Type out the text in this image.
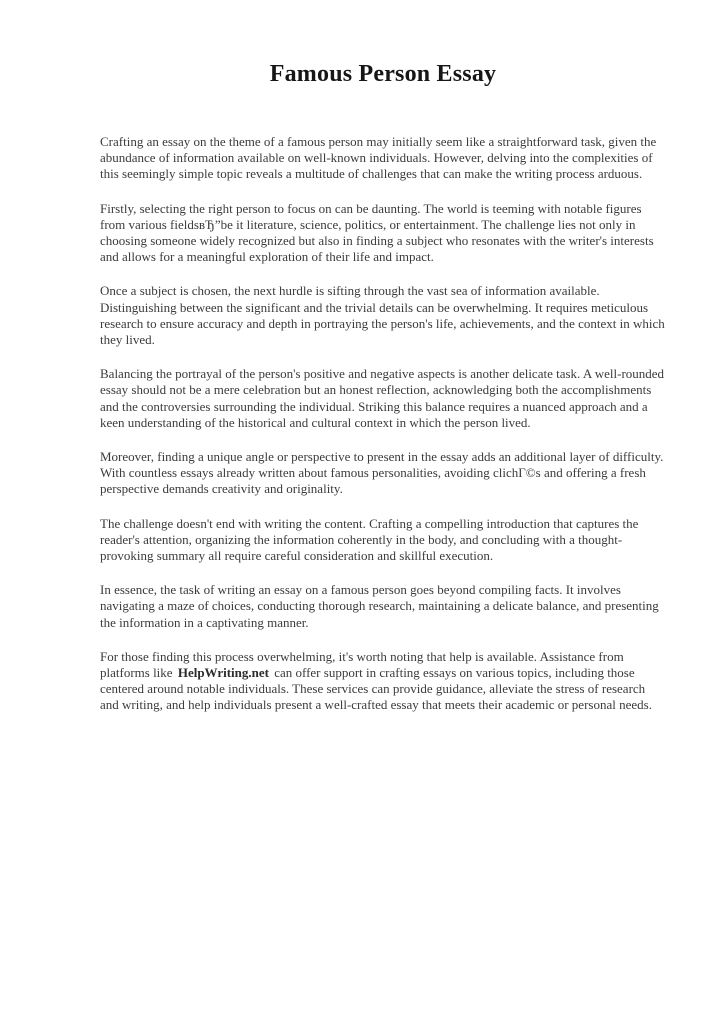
Famous Person Essay

Crafting an essay on the theme of a famous person may initially seem like a straightforward task, given the abundance of information available on well-known individuals. However, delving into the complexities of this seemingly simple topic reveals a multitude of challenges that can make the writing process arduous.

Firstly, selecting the right person to focus on can be daunting. The world is teeming with notable figures from various fieldsвЂ”be it literature, science, politics, or entertainment. The challenge lies not only in choosing someone widely recognized but also in finding a subject who resonates with the writer's interests and allows for a meaningful exploration of their life and impact.

Once a subject is chosen, the next hurdle is sifting through the vast sea of information available. Distinguishing between the significant and the trivial details can be overwhelming. It requires meticulous research to ensure accuracy and depth in portraying the person's life, achievements, and the context in which they lived.

Balancing the portrayal of the person's positive and negative aspects is another delicate task. A well-rounded essay should not be a mere celebration but an honest reflection, acknowledging both the accomplishments and the controversies surrounding the individual. Striking this balance requires a nuanced approach and a keen understanding of the historical and cultural context in which the person lived.

Moreover, finding a unique angle or perspective to present in the essay adds an additional layer of difficulty. With countless essays already written about famous personalities, avoiding clichГ©s and offering a fresh perspective demands creativity and originality.

The challenge doesn't end with writing the content. Crafting a compelling introduction that captures the reader's attention, organizing the information coherently in the body, and concluding with a thought-provoking summary all require careful consideration and skillful execution.

In essence, the task of writing an essay on a famous person goes beyond compiling facts. It involves navigating a maze of choices, conducting thorough research, maintaining a delicate balance, and presenting the information in a captivating manner.

For those finding this process overwhelming, it's worth noting that help is available. Assistance from platforms like HelpWriting.net can offer support in crafting essays on various topics, including those centered around notable individuals. These services can provide guidance, alleviate the stress of research and writing, and help individuals present a well-crafted essay that meets their academic or personal needs.
